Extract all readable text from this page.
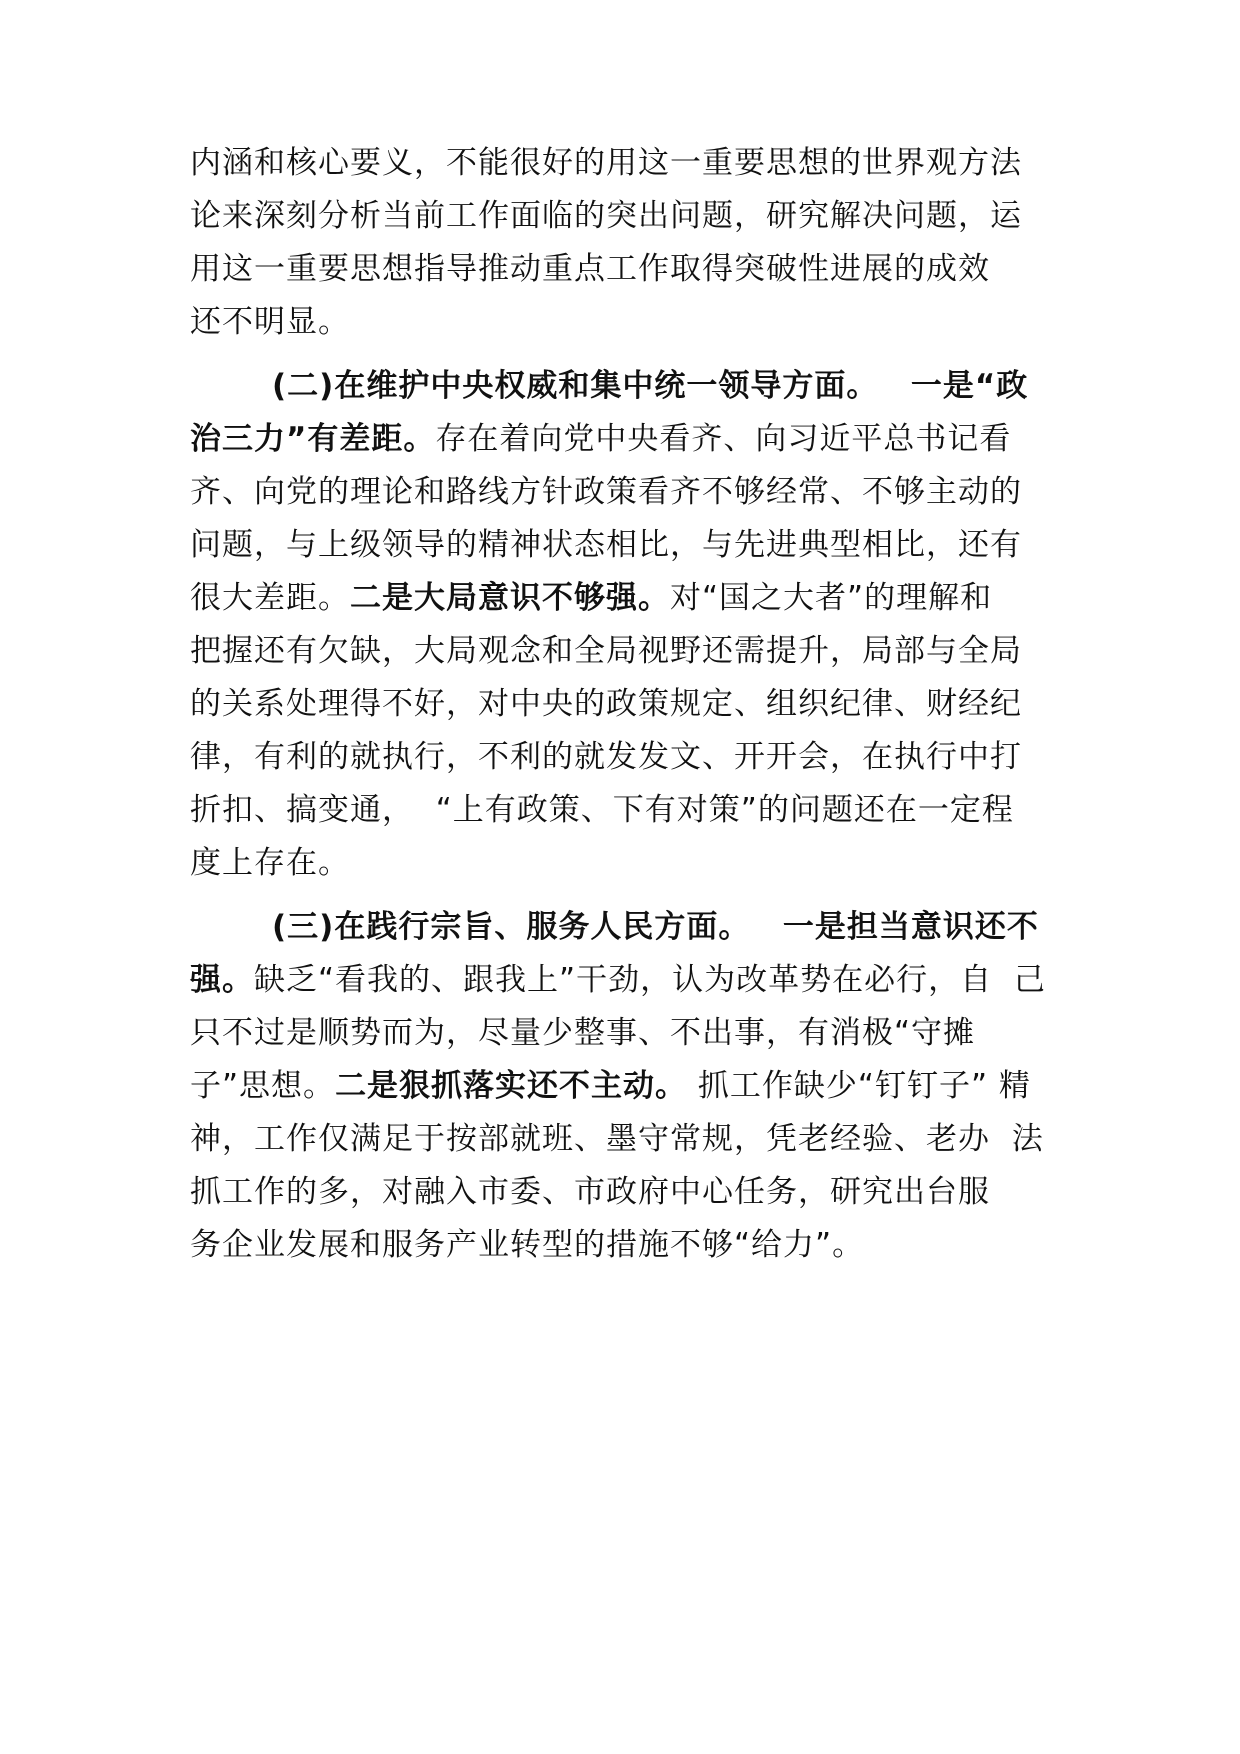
内涵和核心要义，不能很好的用这一重要思想的世界观方法
论来深刻分析当前工作面临的突出问题，研究解决问题，运
用这一重要思想指导推动重点工作取得突破性进展的成效
还不明显。
(二)在维护中央权威和集中统一领导方面。 一是“政
治三力”有差距。存在着向党中央看齐、向习近平总书记看
齐、向党的理论和路线方针政策看齐不够经常、不够主动的
问题，与上级领导的精神状态相比，与先进典型相比，还有
很大差距。二是大局意识不够强。对“国之大者”的理解和
把握还有欠缺，大局观念和全局视野还需提升，局部与全局
的关系处理得不好，对中央的政策规定、组织纪律、财经纪
律，有利的就执行，不利的就发发文、开开会，在执行中打
折扣、搞变通，  “上有政策、下有对策”的问题还在一定程
度上存在。
(三)在践行宗旨、服务人民方面。 一是担当意识还不
强。缺乏“看我的、跟我上”干劲，认为改革势在必行，自  己
只不过是顺势而为，尽量少整事、不出事，有消极“守摊
子”思想。二是狠抓落实还不主动。 抓工作缺少“钉钉子” 精
神，工作仅满足于按部就班、墨守常规，凭老经验、老办  法
抓工作的多，对融入市委、市政府中心任务，研究出台服
务企业发展和服务产业转型的措施不够“给力”。
